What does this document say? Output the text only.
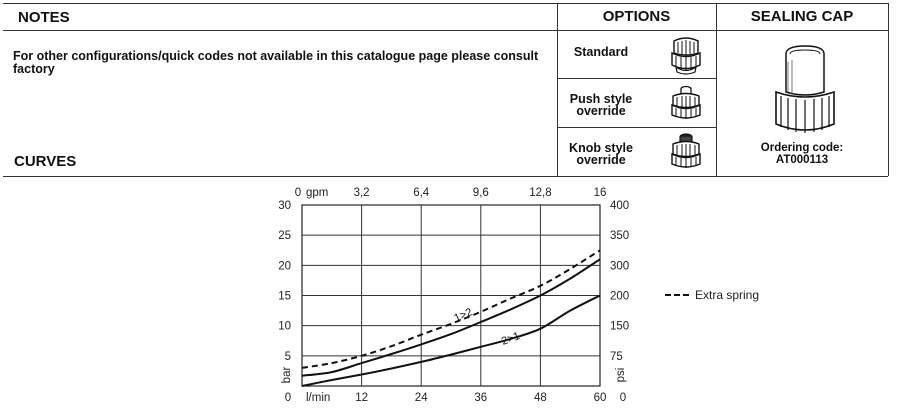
NOTES	OPTIONS	SEALING CAP
For other configurations/quick codes not available in this catalogue page please consult factory
CURVES
Standard
Push style override
Knob style override
Ordering code:
AT000113
5
10
15
20
25
30
75
150
200
300
350
400
0	0
12	24	36	48	60
l/min
0	3,2	6,4	9,6	12,8	16
gpm
bar	psi
1>2
2>1
Extra spring
